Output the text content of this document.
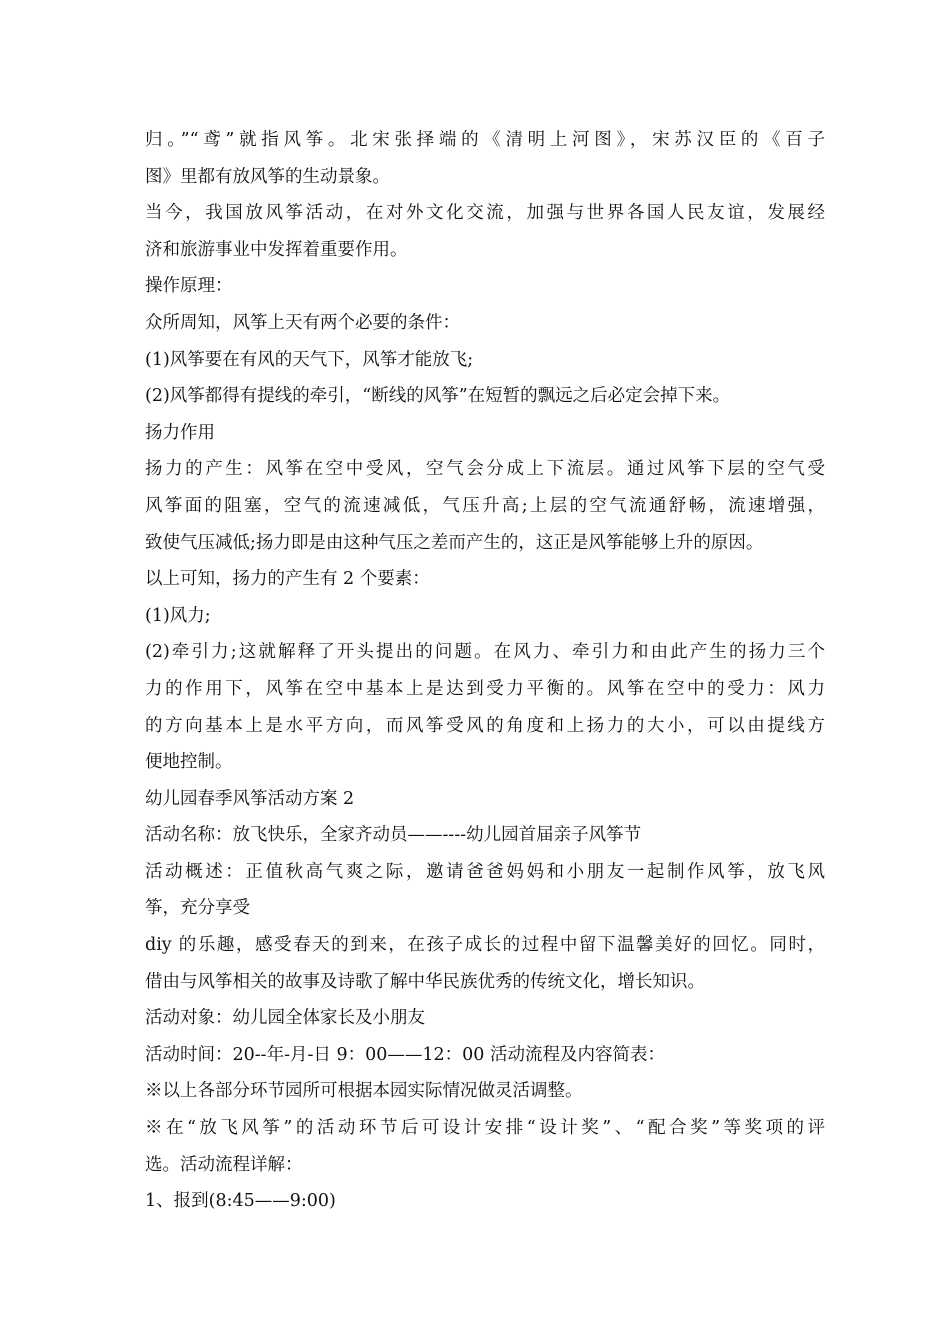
归。”“鸢”就指风筝。北宋张择端的《清明上河图》，宋苏汉臣的《百子
图》里都有放风筝的生动景象。
当今，我国放风筝活动，在对外文化交流，加强与世界各国人民友谊，发展经
济和旅游事业中发挥着重要作用。
操作原理：
众所周知，风筝上天有两个必要的条件：
(1)风筝要在有风的天气下，风筝才能放飞;
(2)风筝都得有提线的牵引，“断线的风筝”在短暂的飘远之后必定会掉下来。
扬力作用
扬力的产生：风筝在空中受风，空气会分成上下流层。通过风筝下层的空气受
风筝面的阻塞，空气的流速减低，气压升高;上层的空气流通舒畅，流速增强，
致使气压减低;扬力即是由这种气压之差而产生的，这正是风筝能够上升的原因。
以上可知，扬力的产生有 2 个要素：
(1)风力;
(2)牵引力;这就解释了开头提出的问题。在风力、牵引力和由此产生的扬力三个
力的作用下，风筝在空中基本上是达到受力平衡的。风筝在空中的受力：风力
的方向基本上是水平方向，而风筝受风的角度和上扬力的大小，可以由提线方
便地控制。
幼儿园春季风筝活动方案 2
活动名称：放飞快乐，全家齐动员——----幼儿园首届亲子风筝节
活动概述：正值秋高气爽之际，邀请爸爸妈妈和小朋友一起制作风筝，放飞风
筝，充分享受
diy 的乐趣，感受春天的到来，在孩子成长的过程中留下温馨美好的回忆。同时，
借由与风筝相关的故事及诗歌了解中华民族优秀的传统文化，增长知识。
活动对象：幼儿园全体家长及小朋友
活动时间：20--年-月-日 9：00——12：00 活动流程及内容简表：
※以上各部分环节园所可根据本园实际情况做灵活调整。
※在“放飞风筝”的活动环节后可设计安排“设计奖”、“配合奖”等奖项的评
选。活动流程详解：
1、报到(8:45——9:00)
